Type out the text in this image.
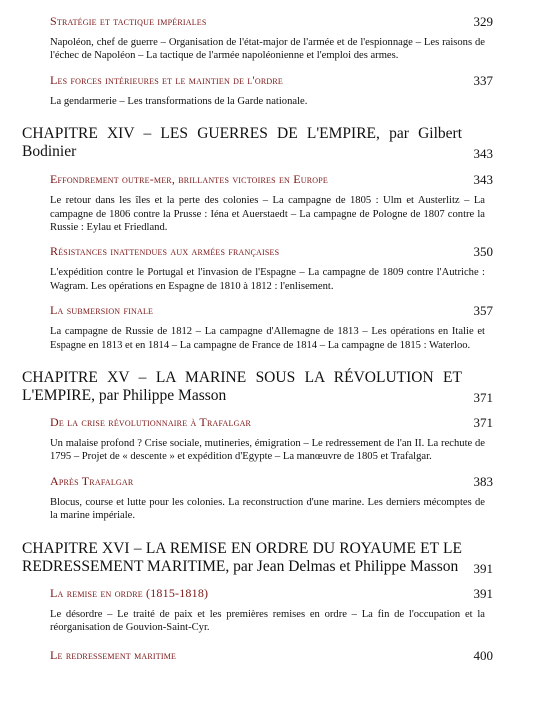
Stratégie et tactique impériales	329
Napoléon, chef de guerre – Organisation de l'état-major de l'armée et de l'espionnage – Les raisons de l'échec de Napoléon – La tactique de l'armée napoléonienne et l'emploi des armes.
Les forces intérieures et le maintien de l'ordre	337
La gendarmerie – Les transformations de la Garde nationale.
CHAPITRE XIV – LES GUERRES DE L'EMPIRE, par Gilbert Bodinier	343
Effondrement outre-mer, brillantes victoires en Europe	343
Le retour dans les îles et la perte des colonies – La campagne de 1805 : Ulm et Austerlitz – La campagne de 1806 contre la Prusse : Iéna et Auerstaedt – La campagne de Pologne de 1807 contre la Russie : Eylau et Friedland.
Résistances inattendues aux armées françaises	350
L'expédition contre le Portugal et l'invasion de l'Espagne – La campagne de 1809 contre l'Autriche : Wagram. Les opérations en Espagne de 1810 à 1812 : l'enlisement.
La submersion finale	357
La campagne de Russie de 1812 – La campagne d'Allemagne de 1813 – Les opérations en Italie et Espagne en 1813 et en 1814 – La campagne de France de 1814 – La campagne de 1815 : Waterloo.
CHAPITRE XV – LA MARINE SOUS LA RÉVOLUTION ET L'EMPIRE, par Philippe Masson	371
De la crise révolutionnaire à Trafalgar	371
Un malaise profond ? Crise sociale, mutineries, émigration – Le redressement de l'an II. La rechute de 1795 – Projet de « descente » et expédition d'Egypte – La manœuvre de 1805 et Trafalgar.
Après Trafalgar	383
Blocus, course et lutte pour les colonies. La reconstruction d'une marine. Les derniers mécomptes de la marine impériale.
CHAPITRE XVI – LA REMISE EN ORDRE DU ROYAUME ET LE REDRESSEMENT MARITIME, par Jean Delmas et Philippe Masson 391
La remise en ordre (1815-1818)	391
Le désordre – Le traité de paix et les premières remises en ordre – La fin de l'occupation et la réorganisation de Gouvion-Saint-Cyr.
Le redressement maritime	400
